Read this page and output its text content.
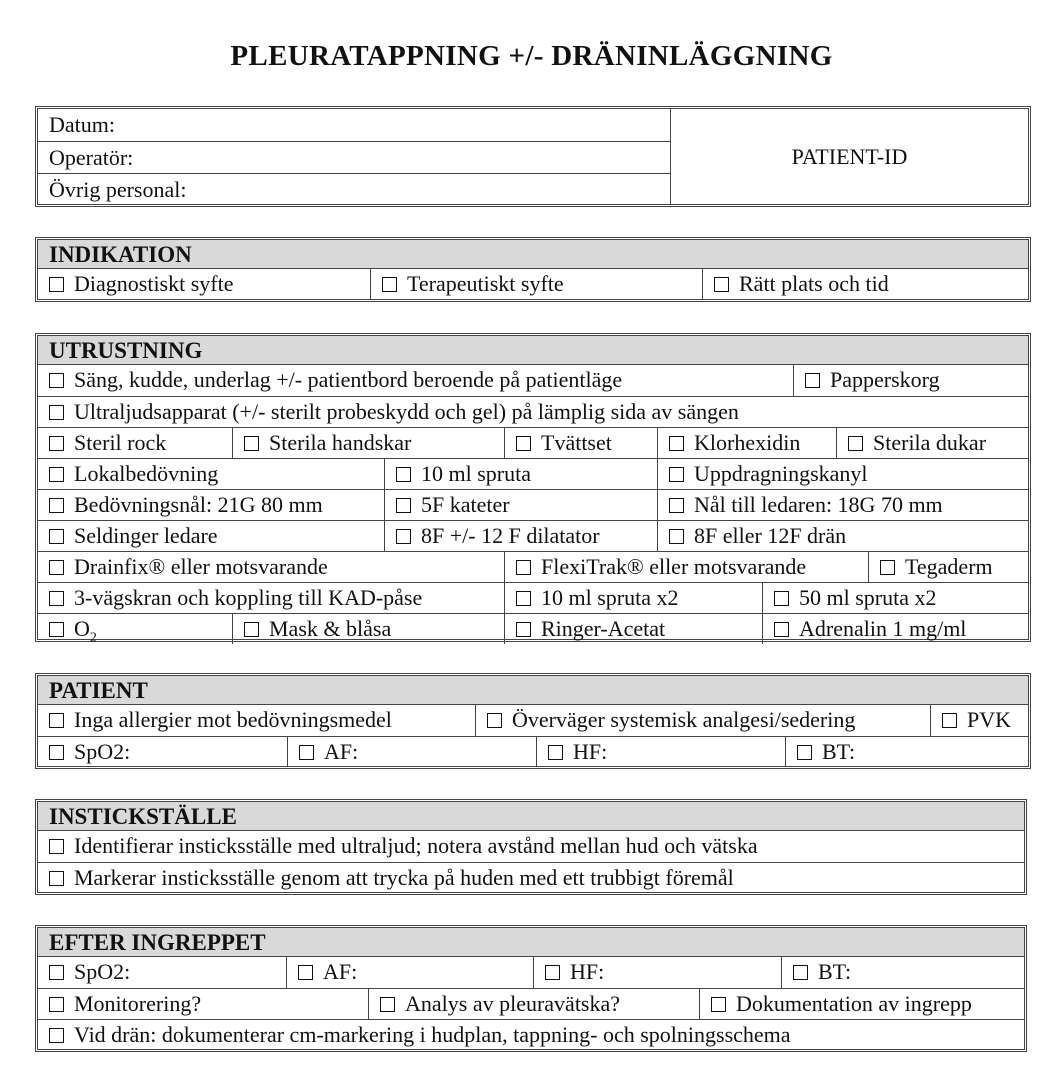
PLEURATAPPNING +/- DRÄNINLÄGGNING
Datum:
Operatör:
Övrig personal:
PATIENT-ID
INDIKATION
Diagnostiskt syfte	Terapeutiskt syfte	Rätt plats och tid
UTRUSTNING
Säng, kudde, underlag +/- patientbord beroende på patientläge	Papperskorg
Ultraljudsapparat (+/- sterilt probeskydd och gel) på lämplig sida av sängen
Steril rock	Sterila handskar	Tvättset	Klorhexidin	Sterila dukar
Lokalbedövning	10 ml spruta	Uppdragningskanyl
Bedövningsnål: 21G 80 mm	5F kateter	Nål till ledaren: 18G 70 mm
Seldinger ledare	8F +/- 12 F dilatator	8F eller 12F drän
Drainfix® eller motsvarande	FlexiTrak® eller motsvarande	Tegaderm
3-vägskran och koppling till KAD-påse	10 ml spruta x2	50 ml spruta x2
$O_2$	Mask & blåsa	Ringer-Acetat	Adrenalin 1 mg/ml
PATIENT
Inga allergier mot bedövningsmedel	Överväger systemisk analgesi/sedering	PVK
SpO2:	AF:	HF:	BT:
INSTICKSTÄLLE
Identifierar insticksställe med ultraljud; notera avstånd mellan hud och vätska
Markerar insticksställe genom att trycka på huden med ett trubbigt föremål
EFTER INGREPPET
SpO2:	AF:	HF:	BT:
Monitorering?	Analys av pleuravätska?	Dokumentation av ingrepp
Vid drän: dokumenterar cm-markering i hudplan, tappning- och spolningsschema
